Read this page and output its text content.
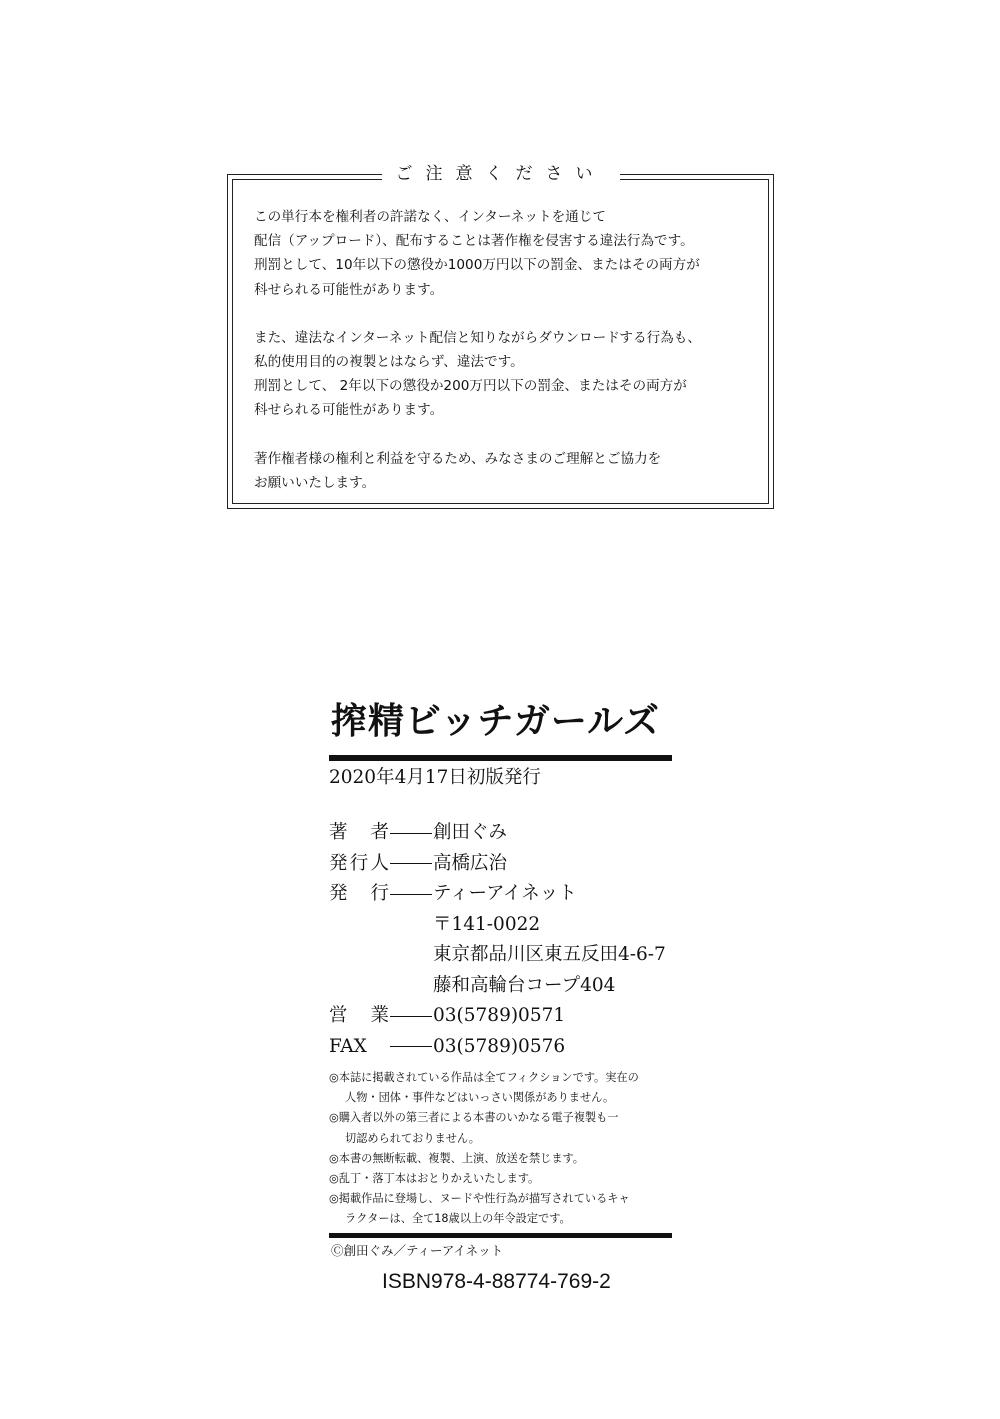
ご注意ください
この単行本を権利者の許諾なく、インターネットを通じて
配信（アップロード）、配布することは著作権を侵害する違法行為です。
刑罰として、10年以下の懲役か1000万円以下の罰金、またはその両方が
科せられる可能性があります。
また、違法なインターネット配信と知りながらダウンロードする行為も、
私的使用目的の複製とはならず、違法です。
刑罰として、 2年以下の懲役か200万円以下の罰金、またはその両方が
科せられる可能性があります。
著作権者様の権利と利益を守るため、みなさまのご理解とご協力を
お願いいたします。
搾精ビッチガールズ
2020年4月17日初版発行
著者 創田ぐみ
発行人 高橋広治
発行 ティーアイネット
〒141-0022
東京都品川区東五反田4-6-7
藤和高輪台コープ404
営業 03(5789)0571
FAX	03(5789)0576
◎本誌に掲載されている作品は全てフィクションです。実在の
人物・団体・事件などはいっさい関係がありません。
◎購入者以外の第三者による本書のいかなる電子複製も一
切認められておりません。
◎本書の無断転載、複製、上演、放送を禁じます。
◎乱丁・落丁本はおとりかえいたします。
◎掲載作品に登場し、ヌードや性行為が描写されているキャ
ラクターは、全て18歳以上の年令設定です。
Ⓒ創田ぐみ／ティーアイネット
ISBN978-4-88774-769-2
